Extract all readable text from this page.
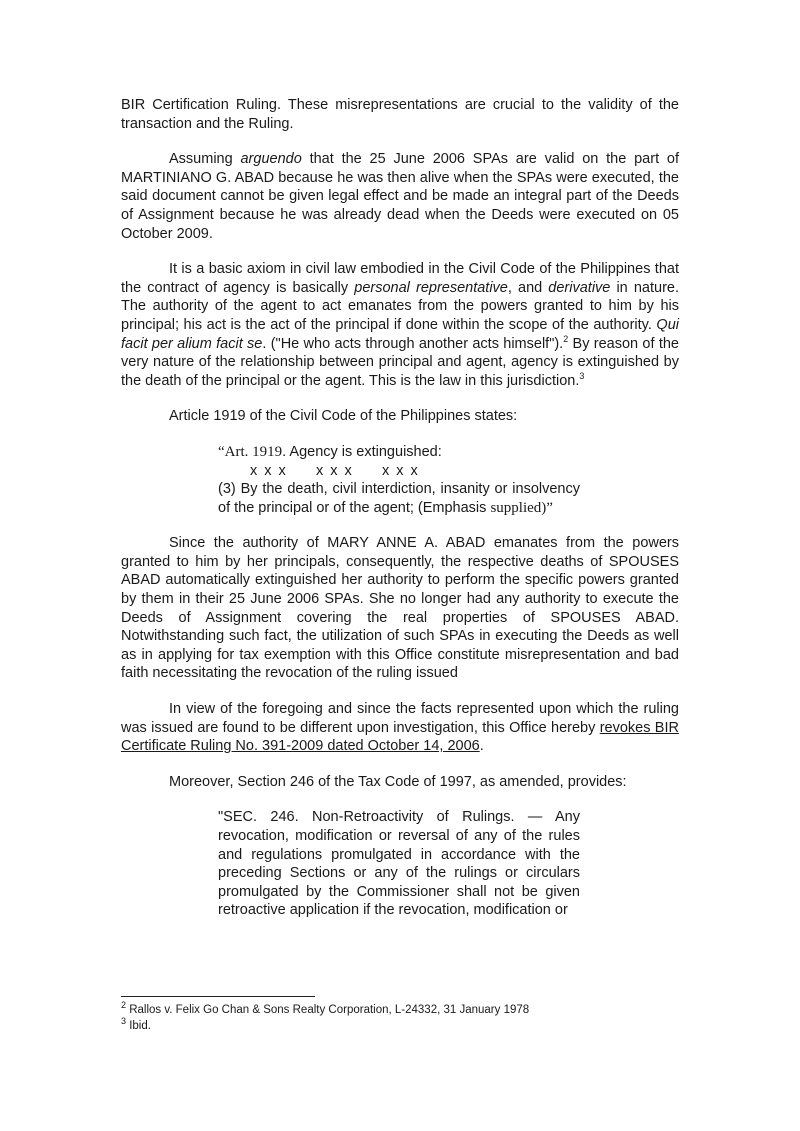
BIR Certification Ruling. These misrepresentations are crucial to the validity of the transaction and the Ruling.

Assuming arguendo that the 25 June 2006 SPAs are valid on the part of MARTINIANO G. ABAD because he was then alive when the SPAs were executed, the said document cannot be given legal effect and be made an integral part of the Deeds of Assignment because he was already dead when the Deeds were executed on 05 October 2009.

It is a basic axiom in civil law embodied in the Civil Code of the Philippines that the contract of agency is basically personal representative, and derivative in nature. The authority of the agent to act emanates from the powers granted to him by his principal; his act is the act of the principal if done within the scope of the authority. Qui facit per alium facit se. ("He who acts through another acts himself").$^2$ By reason of the very nature of the relationship between principal and agent, agency is extinguished by the death of the principal or the agent. This is the law in this jurisdiction.$^3$

Article 1919 of the Civil Code of the Philippines states:

“Art. 1919. Agency is extinguished:

x x x x x x x x x

(3) By the death, civil interdiction, insanity or insolvency of the principal or of the agent; (Emphasis supplied)”

Since the authority of MARY ANNE A. ABAD emanates from the powers granted to him by her principals, consequently, the respective deaths of SPOUSES ABAD automatically extinguished her authority to perform the specific powers granted by them in their 25 June 2006 SPAs. She no longer had any authority to execute the Deeds of Assignment covering the real properties of SPOUSES ABAD. Notwithstanding such fact, the utilization of such SPAs in executing the Deeds as well as in applying for tax exemption with this Office constitute misrepresentation and bad faith necessitating the revocation of the ruling issued

In view of the foregoing and since the facts represented upon which the ruling was issued are found to be different upon investigation, this Office hereby revokes BIR Certificate Ruling No. 391-2009 dated October 14, 2006.

Moreover, Section 246 of the Tax Code of 1997, as amended, provides:

"SEC. 246. Non-Retroactivity of Rulings. — Any revocation, modification or reversal of any of the rules and regulations promulgated in accordance with the preceding Sections or any of the rulings or circulars promulgated by the Commissioner shall not be given retroactive application if the revocation, modification or

$^2$ Rallos v. Felix Go Chan & Sons Realty Corporation, L-24332, 31 January 1978
$^3$ Ibid.
